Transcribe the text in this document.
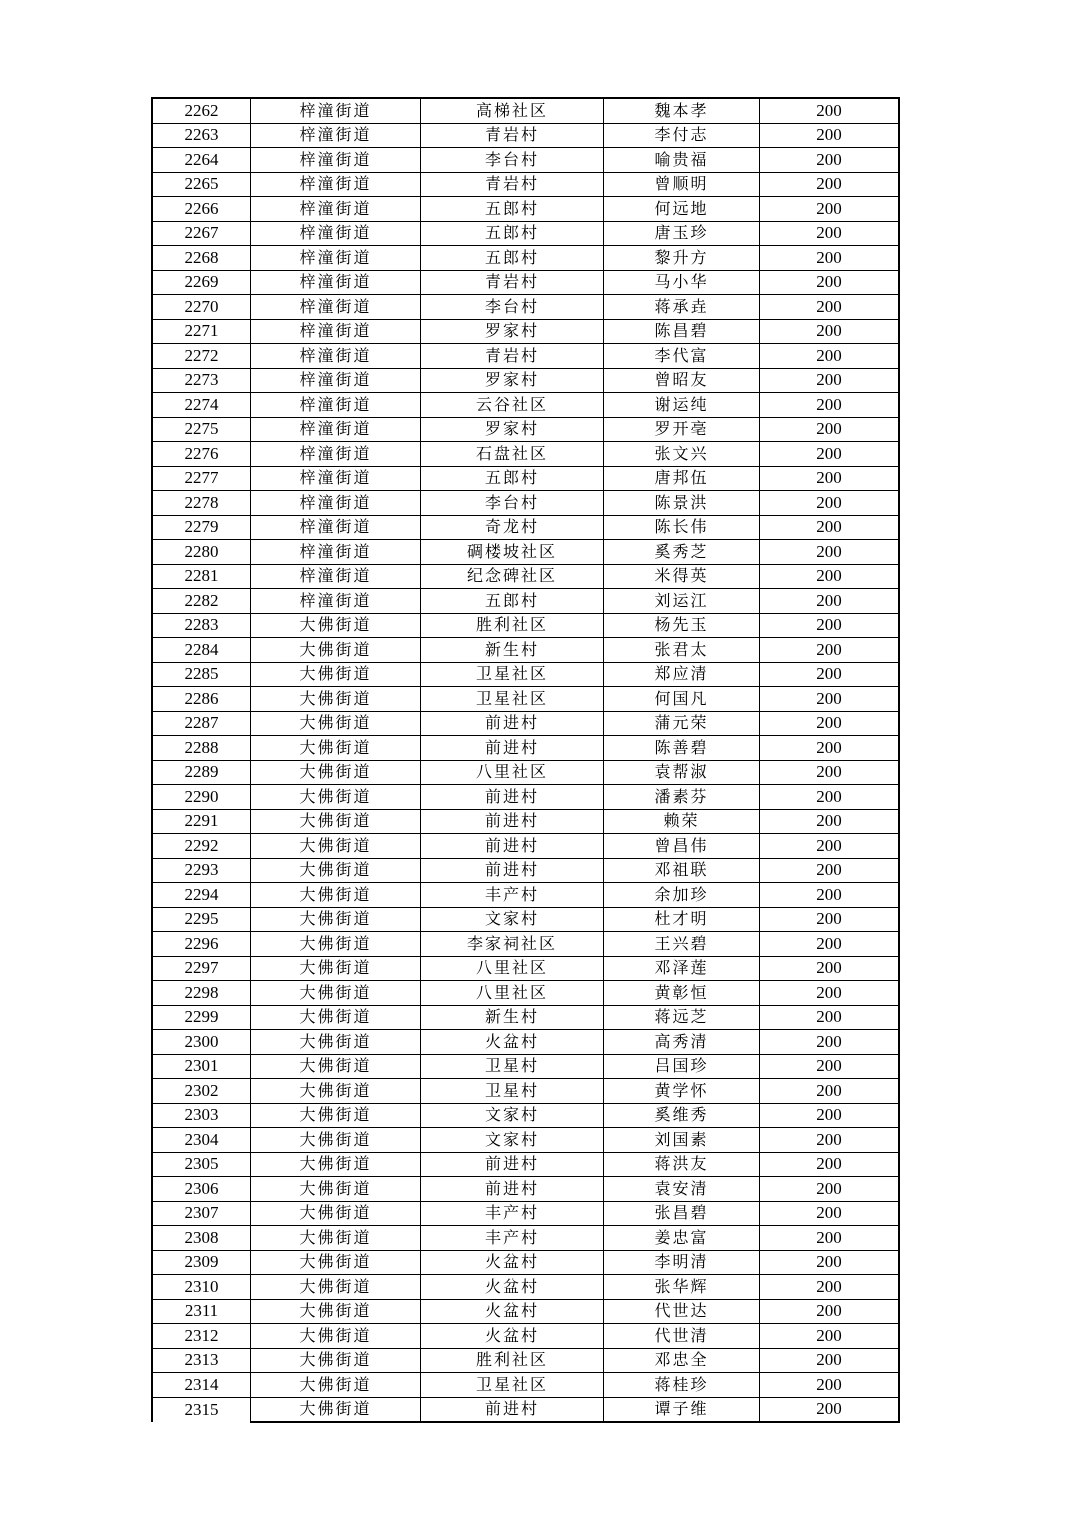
2262	梓潼街道	高梯社区	魏本孝	200
2263	梓潼街道	青岩村	李付志	200
2264	梓潼街道	李台村	喻贵福	200
2265	梓潼街道	青岩村	曾顺明	200
2266	梓潼街道	五郎村	何远地	200
2267	梓潼街道	五郎村	唐玉珍	200
2268	梓潼街道	五郎村	黎升方	200
2269	梓潼街道	青岩村	马小华	200
2270	梓潼街道	李台村	蒋承垚	200
2271	梓潼街道	罗家村	陈昌碧	200
2272	梓潼街道	青岩村	李代富	200
2273	梓潼街道	罗家村	曾昭友	200
2274	梓潼街道	云谷社区	谢运纯	200
2275	梓潼街道	罗家村	罗开亳	200
2276	梓潼街道	石盘社区	张文兴	200
2277	梓潼街道	五郎村	唐邦伍	200
2278	梓潼街道	李台村	陈景洪	200
2279	梓潼街道	奇龙村	陈长伟	200
2280	梓潼街道	碉楼坡社区	奚秀芝	200
2281	梓潼街道	纪念碑社区	米得英	200
2282	梓潼街道	五郎村	刘运江	200
2283	大佛街道	胜利社区	杨先玉	200
2284	大佛街道	新生村	张君太	200
2285	大佛街道	卫星社区	郑应清	200
2286	大佛街道	卫星社区	何国凡	200
2287	大佛街道	前进村	蒲元荣	200
2288	大佛街道	前进村	陈善碧	200
2289	大佛街道	八里社区	袁帮淑	200
2290	大佛街道	前进村	潘素芬	200
2291	大佛街道	前进村	赖荣	200
2292	大佛街道	前进村	曾昌伟	200
2293	大佛街道	前进村	邓祖联	200
2294	大佛街道	丰产村	余加珍	200
2295	大佛街道	文家村	杜才明	200
2296	大佛街道	李家祠社区	王兴碧	200
2297	大佛街道	八里社区	邓泽莲	200
2298	大佛街道	八里社区	黄彰恒	200
2299	大佛街道	新生村	蒋远芝	200
2300	大佛街道	火盆村	高秀清	200
2301	大佛街道	卫星村	吕国珍	200
2302	大佛街道	卫星村	黄学怀	200
2303	大佛街道	文家村	奚维秀	200
2304	大佛街道	文家村	刘国素	200
2305	大佛街道	前进村	蒋洪友	200
2306	大佛街道	前进村	袁安清	200
2307	大佛街道	丰产村	张昌碧	200
2308	大佛街道	丰产村	姜忠富	200
2309	大佛街道	火盆村	李明清	200
2310	大佛街道	火盆村	张华辉	200
2311	大佛街道	火盆村	代世达	200
2312	大佛街道	火盆村	代世清	200
2313	大佛街道	胜利社区	邓忠全	200
2314	大佛街道	卫星社区	蒋桂珍	200
2315	大佛街道	前进村	谭子维	200
